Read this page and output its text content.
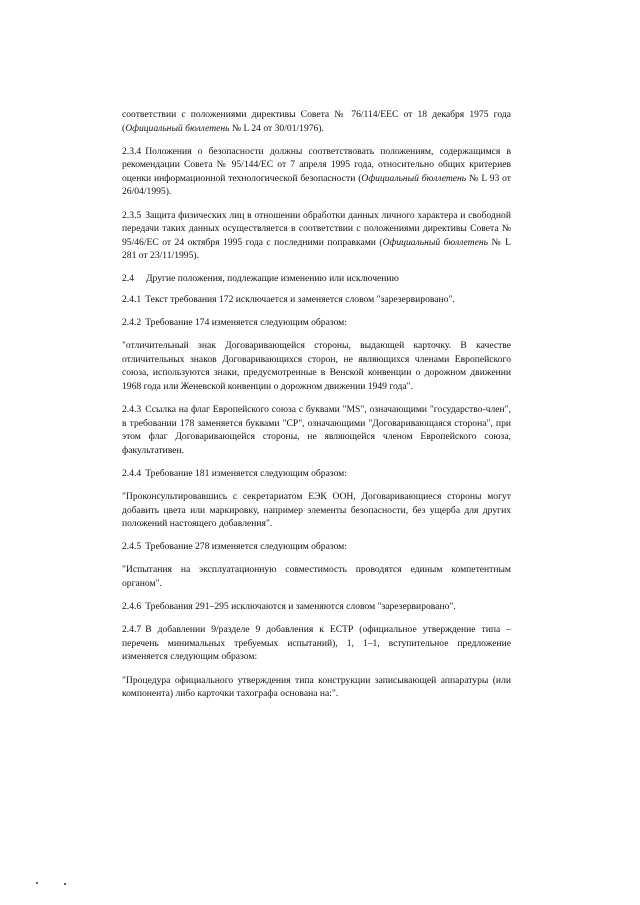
соответствии с положениями директивы Совета № 76/114/ЕЕС от 18 декабря 1975 года (Официальный бюллетень № L 24 от 30/01/1976).

2.3.4 Положения о безопасности должны соответствовать положениям, содержащимся в рекомендации Совета № 95/144/ЕС от 7 апреля 1995 года, относительно общих критериев оценки информационной технологической безопасности (Официальный бюллетень № L 93 от 26/04/1995).

2.3.5 Защита физических лиц в отношении обработки данных личного характера и свободной передачи таких данных осуществляется в соответствии с положениями директивы Совета № 95/46/ЕС от 24 октября 1995 года с последними поправками (Официальный бюллетень № L 281 от 23/11/1995).

2.4 Другие положения, подлежащие изменению или исключению

2.4.1 Текст требования 172 исключается и заменяется словом "зарезервировано".

2.4.2 Требование 174 изменяется следующим образом:

"отличительный знак Договаривающейся стороны, выдающей карточку. В качестве отличительных знаков Договаривающихся сторон, не являющихся членами Европейского союза, используются знаки, предусмотренные в Венской конвенции о дорожном движении 1968 года или Женевской конвенции о дорожном движении 1949 года".

2.4.3 Ссылка на флаг Европейского союза с буквами "MS", означающими "государство-член", в требовании 178 заменяется буквами "CP", означающими "Договаривающаяся сторона", при этом флаг Договаривающейся стороны, не являющейся членом Европейского союза, факультативен.

2.4.4 Требование 181 изменяется следующим образом:

"Проконсультировавшись с секретариатом ЕЭК ООН, Договаривающиеся стороны могут добавить цвета или маркировку, например элементы безопасности, без ущерба для других положений настоящего добавления".

2.4.5 Требование 278 изменяется следующим образом:

"Испытания на эксплуатационную совместимость проводятся единым компетентным органом".

2.4.6 Требования 291–295 исключаются и заменяются словом "зарезервировано".

2.4.7 В добавлении 9/разделе 9 добавления к ЕСТР (официальное утверждение типа – перечень минимальных требуемых испытаний), 1, 1–1, вступительное предложение изменяется следующим образом:

"Процедура официального утверждения типа конструкции записывающей аппаратуры (или компонента) либо карточки тахографа основана на:".
